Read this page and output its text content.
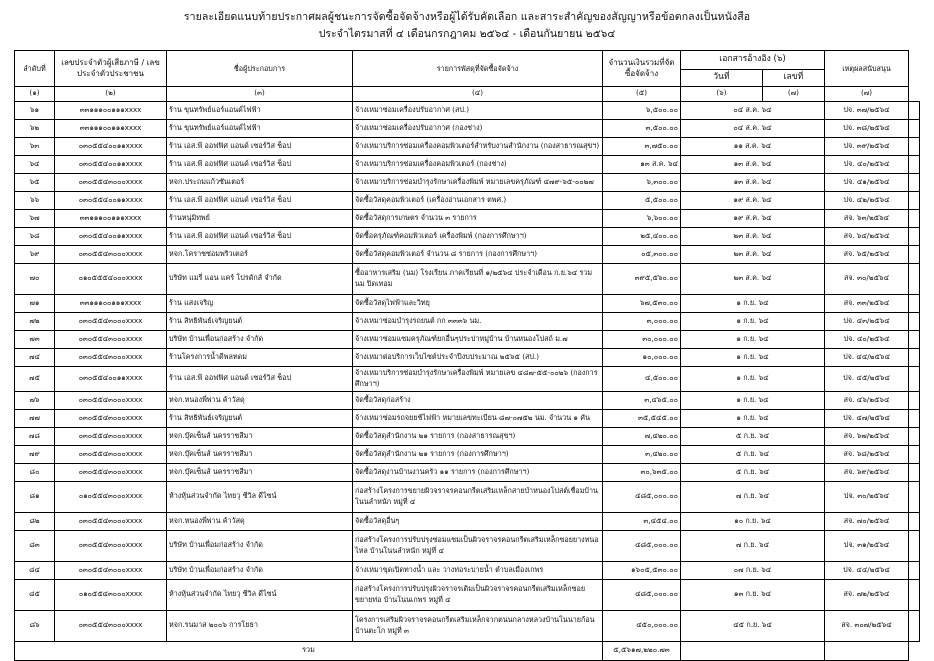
รายละเอียดแนบท้ายประกาศผลผู้ชนะการจัดซื้อจัดจ้างหรือผู้ได้รับคัดเลือก และสาระสำคัญของสัญญาหรือข้อตกลงเป็นหนังสือ
ประจำไตรมาสที่ ๔ เดือนกรกฎาคม ๒๕๖๔ - เดือนกันยายน ๒๕๖๔
ลำดับที่	เลขประจำตัวผู้เสียภาษี / เลขประจำตัวประชาชน	ชื่อผู้ประกอบการ	รายการพัสดุที่จัดซื้อจัดจ้าง	จำนวนเงินรวมที่จัดซื้อจัดจ้าง	เอกสารอ้างอิง (๖)
วันที่ เลขที่	เหตุผลสนับสนุน	
(๑)	(๒)	(๓)	(๔)	(๕)	(๖) (๗)	(๗)	
๖๑	๓๓๑๑๑๐๐๑๑๑xxxx	ร้าน ขุนทรัพย์แอร์แอนด์ไฟฟ้า	จ้างเหมาซ่อมเครื่องปรับอากาศ (สป.)	๖,๕๐๐.๐๐	๐๔ ส.ค. ๖๔	ปจ. ๓๗/๒๕๖๔	
๖๒	๓๓๑๑๑๐๐๑๑๑xxxx	ร้าน ขุนทรัพย์แอร์แอนด์ไฟฟ้า	จ้างเหมาซ่อมเครื่องปรับอากาศ (กองช่าง)	๓,๕๐๐.๐๐	๐๔ ส.ค. ๖๔	ปจ. ๓๘/๒๕๖๔	
๖๓	๐๓๐๕๕๔๐๐๑๑xxxx	ร้าน เอส.พี ออฟฟิศ แอนด์ เซอร์วิส ช็อป	จ้างเหมาบริการซ่อมเครื่องคอมพิวเตอร์สำหรับงานสำนักงาน (กองสาธารณสุขฯ)	๓,๗๕๐.๐๐	๑๑ ส.ค. ๖๔	ปจ. ๓๙/๒๕๖๔	
๖๔	๐๓๐๕๕๔๐๐๑๑xxxx	ร้าน เอส.พี ออฟฟิศ แอนด์ เซอร์วิส ช็อป	จ้างเหมาบริการซ่อมเครื่องคอมพิวเตอร์ (กองช่าง)	๑๓ ส.ค. ๖๔	๑๓ ส.ค. ๖๔	ปจ. ๔๐/๒๕๖๔	
๖๕	๐๓๐๕๕๔๓๐๐๐xxxx	หจก.ประถมแก้วซันเตอร์	จ้างเหมาบริการซ่อมบำรุงรักษาเครื่องพิมพ์ หมายเลขครุภัณฑ์ ๔๗๙-๖๕-๐๐๒๗	๖,๓๐๐.๐๐	๑๓ ส.ค. ๖๔	ปจ. ๔๑/๒๕๖๔	
๖๖	๐๓๐๕๕๔๐๐๑๑xxxx	ร้าน เอส.พี ออฟฟิศ แอนด์ เซอร์วิส ช็อป	จัดซื้อวัสดุคอมพิวเตอร์ (เครื่องอ่านเอกสาร ตพศ.)	๕,๕๐๐.๐๐	๑๙ ส.ค. ๖๔	ปจ. ๔๒/๒๕๖๔	
๖๗	๓๓๑๑๑๐๐๑๑๑xxxx	ร้านหนุ่มิทพย์	จัดซื้อวัสดุการเกษตร จำนวน ๓ รายการ	๖,๖๐๐.๐๐	๑๙ ส.ค. ๖๔	สจ. ๖๓/๒๕๖๔	
๖๘	๐๓๐๕๕๔๐๐๑๑xxxx	ร้าน เอส.พี ออฟฟิศ แอนด์ เซอร์วิส ช็อป	จัดซื้อครุภัณฑ์คอมพิวเตอร์ เครื่องพิมพ์ (กองการศึกษาฯ)	๒๕,๔๐๐.๐๐	๒๓ ส.ค. ๖๔	สจ. ๖๔/๒๕๖๔	
๖๙	๐๓๐๕๕๔๓๐๐๐xxxx	หจก.โคราชซ่อมพริวเตอร์	จัดซื้อวัสดุคอมพิวเตอร์ จำนวน ๘ รายการ (กองการศึกษาฯ)	๐๕,๓๐๐.๐๐	๒๓ ส.ค. ๖๔	สจ. ๖๕/๒๕๖๔	
๗๐	๐๑๐๕๕๕๔๐๐๐xxxx	บริษัท แมรี่ แอน แคร์ โปรดักส์ จำกัด	ซื้ออาหารเสริม (นม) โรงเรียน ภาคเรียนที่ ๑/๒๕๖๔ ประจำเดือน ก.ย.๖๔ รวมนม ปิดเทอม	๓๙๕,๕๖๐.๐๐	๒๓ ส.ค. ๖๔	สจ. ๓๐/๒๕๖๔	
๗๑	๓๓๑๑๑๐๐๑๑๑xxxx	ร้าน แสงเจริญ	จัดซื้อวัสดุไฟฟ้าและวิทยุ	๖๗,๕๓๐.๐๐	๑ ก.ย. ๖๔	สจ. ๓๓/๒๕๖๔	
๗๒	๐๓๐๕๕๔๓๐๐๐xxxx	ร้าน สิทธิพันธ์เจริญยนต์	จ้างเหมาซ่อมบำรุงรถยนต์ กก ๓๓๓๖ นม.	๓,๐๐๐.๐๐	๑ ก.ย. ๖๔	ปจ. ๔๓/๒๕๖๔	
๗๓	๐๓๐๕๕๔๓๐๐๐xxxx	บริษัท บ้านเพื่อนก่อสร้าง จำกัด	จ้างเหมาซ่อมแซมครุภัณฑ์ยกอื่นๆประปาหมู่บ้าน บ้านหนองโปสถ์ ม.๗	๓๐,๐๐๐.๐๐	๑ ก.ย. ๖๔	ปจ. ๔๐/๒๕๖๔	
๗๔	๐๓๐๕๕๔๓๐๐๐xxxx	ร้านโครงการน้ำดีพลทดม	จ้างเหมาต่อบริการเว็บไซต์ประจำปีงบประมาณ ๒๕๖๕ (สป.)	๑๐,๐๐๐.๐๐	๑ ก.ย. ๖๔	ปจ. ๔๔/๒๕๖๔	
๗๕	๐๓๐๕๕๔๐๐๑๑xxxx	ร้าน เอส.พี ออฟฟิศ แอนด์ เซอร์วิส ช็อป	จ้างเหมาบริการซ่อมบำรุงรักษาเครื่องพิมพ์ หมายเลข ๔๘๗-๕๕-๐๐๒๖ (กองการศึกษาฯ)	๔,๕๐๐.๐๐	๑ ก.ย. ๖๔	ปจ. ๔๕/๒๕๖๔	
๗๖	๐๓๐๕๕๔๓๐๐๐xxxx	หจก.หนองพี่พ่าน ค้าวัสดุ	จัดซื้อวัสดุก่อสร้าง	๓,๔๖๕.๐๐	๑ ก.ย. ๖๔	สจ. ๔๖/๒๕๖๔	
๗๗	๐๓๐๕๕๔๓๐๐๐xxxx	ร้าน สิทธิพันธ์เจริญยนต์	จ้างเหมาซ่อมรถจยยช้ไฟฟ้า หมายเลขทะเบียน ๘๗-๐๗๕๒ นม. จำนวน ๑ คัน	๓๕,๕๔๕.๐๐	๑ ก.ย. ๖๔	ปจ. ๔๗/๒๕๖๔	
๗๘	๐๓๐๕๕๔๓๐๐๐xxxx	หจก.บุ๊คเซ็นส์ นครราชสีมา	จัดซื้อวัสดุสำนักงาน ๒๑ รายการ (กองสาธารณสุขฯ)	๗,๔๒๐.๐๐	๕ ก.ย. ๖๔	สจ. ๖๗/๒๕๖๔	
๗๙	๐๓๐๕๕๔๓๐๐๐xxxx	หจก.บุ๊คเซ็นส์ นครราชสีมา	จัดซื้อวัสดุสำนักงาน ๒๑ รายการ (กองการศึกษาฯ)	๓,๔๒๐.๐๐	๕ ก.ย. ๖๔	สจ. ๖๘/๒๕๖๔	
๘๐	๐๓๐๕๕๔๓๐๐๐xxxx	หจก.บุ๊คเซ็นส์ นครราชสีมา	จัดซื้อวัสดุงานบ้านงานครัว ๑๑ รายการ (กองการศึกษาฯ)	๓๐,๖๓๕.๐๐	๕ ก.ย. ๖๔	สจ. ๖๙/๒๕๖๔	
๘๑	๐๑๐๕๕๔๓๐๐๐xxxx	ห้างหุ้นส่วนจำกัด ไทยวุ ซีวิล ดีไซน์	ก่อสร้างโครงการขยายผิวจราจรคอนกรีตเสริมเหล็กสายบำหนองโปสต์เชื่อมบ้านโนนลำหนัก หมู่ที่ ๔	๔๘๕,๐๐๐.๐๐	๗ ก.ย. ๖๔	ปจ. ๓๐/๒๕๖๔	
๘๒	๐๓๐๕๕๔๓๐๐๐xxxx	หจก.หนองพี่พ่าน ค้าวัสดุ	จัดซื้อวัสดุอื่นๆ	๓,๔๕๔.๐๐	๑๐ ก.ย. ๖๔	สจ. ๗๐/๒๕๖๔	
๘๓	๐๓๐๕๕๔๓๐๐๐xxxx	บริษัท บ้านเพื่อมก่อสร้าง จำกัด	ก่อสร้างโครงการปรับปรุงซ่อมแซมเป็นผิวจราจรคอนกรีตเสริมเหล็กซอยยางหนอไหล บ้านโนนลำหนัก หมู่ที่ ๔	๔๘๕,๐๐๐.๐๐	๗ ก.ย. ๖๔	ปจ. ๓๑/๒๕๖๔	
๘๔	๐๓๐๕๕๔๓๐๐๐xxxx	บริษัท บ้านเพื่อมก่อสร้าง จำกัด	จ้างเหมาขุดเปิดทางน้ำ และ วางท่อระบายน้ำ ตำบลเมืองเกพร	๑๖๐๕,๕๓๐.๐๐	๐๗ ก.ย. ๖๔	ปจ. ๔๔/๒๕๖๔	
๘๕	๐๑๐๕๕๔๓๐๐๐xxxx	ห้างหุ้นส่วนจำกัด ไทยวุ ซีวิล ดีไซน์	ก่อสร้างโครงการปรับปรุงผิวจราจรเดิมเป็นผิวจราจรคอนกรีตเสริมเหล็กซอยขยายท่อ บ้านโนนเกพร หมู่ที่ ๔	๔๘๕,๐๐๐.๐๐	๑๓ ก.ย. ๖๔	สจ. ๗๒/๒๕๖๔	
๘๖	๐๓๐๕๕๔๓๐๐๐xxxx	หจก.รนมาส ๒๐๐๖ การโยธา	โครงการเสริมผิวจราจรคอนกรีตเสริมเหล็กจากตนนกลางหลวงบ้านโนนายก้อน บ้านตะโก หมู่ที่ ๓	๔๕๐,๐๐๐.๐๐	๔๕ ก.ย. ๖๔	สจ. ๓๐๗/๒๕๖๔	
รวม				๕,๕๖๑๗,๒๒๐.๗๓			
